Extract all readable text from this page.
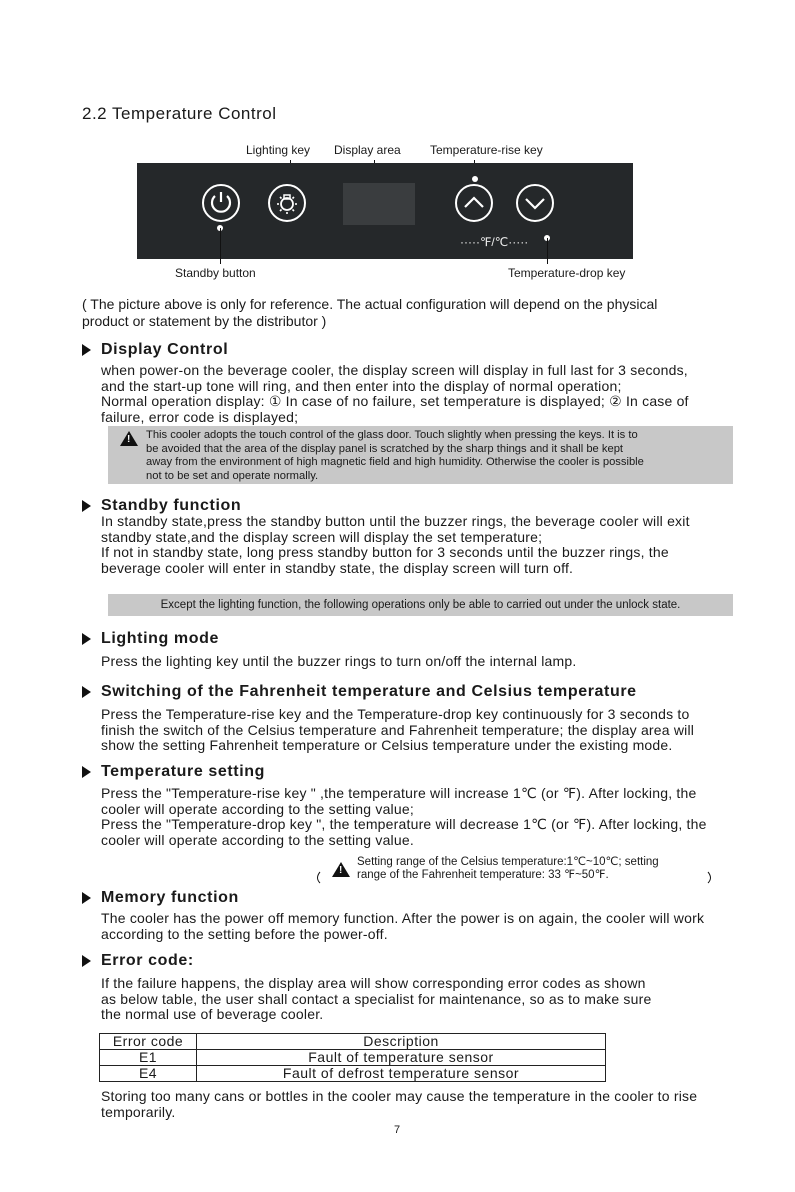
2.2 Temperature Control
Lighting key Display area Temperature-rise key
·····℉/℃·····
Standby button	Temperature-drop key
( The picture above is only for reference. The actual configuration will depend on the physical
product or statement by the distributor )
Display Control
when power-on the beverage cooler, the display screen will display in full last for 3 seconds,
and the start-up tone will ring, and then enter into the display of normal operation;
Normal operation display: ① In case of no failure, set temperature is displayed; ② In case of
failure, error code is displayed;
! This cooler adopts the touch control of the glass door. Touch slightly when pressing the keys. It is to
be avoided that the area of the display panel is scratched by the sharp things and it shall be kept
away from the environment of high magnetic field and high humidity. Otherwise the cooler is possible
not to be set and operate normally.
Standby function
In standby state,press the standby button until the buzzer rings, the beverage cooler will exit
standby state,and the display screen will display the set temperature;
If not in standby state, long press standby button for 3 seconds until the buzzer rings, the
beverage cooler will enter in standby state, the display screen will turn off.
Except the lighting function, the following operations only be able to carried out under the unlock state.
Lighting mode
Press the lighting key until the buzzer rings to turn on/off the internal lamp.
Switching of the Fahrenheit temperature and Celsius temperature
Press the Temperature-rise key and the Temperature-drop key continuously for 3 seconds to
finish the switch of the Celsius temperature and Fahrenheit temperature; the display area will
show the setting Fahrenheit temperature or Celsius temperature under the existing mode.
Temperature setting
Press the "Temperature-rise key " ,the temperature will increase 1℃ (or ℉). After locking, the
cooler will operate according to the setting value;
Press the "Temperature-drop key ", the temperature will decrease 1℃ (or ℉). After locking, the
cooler will operate according to the setting value.
!
Setting range of the Celsius temperature:1℃~10℃; setting
range of the Fahrenheit temperature: 33 ℉~50℉.
Memory function
The cooler has the power off memory function. After the power is on again, the cooler will work
according to the setting before the power-off.
Error code:
If the failure happens, the display area will show corresponding error codes as shown
as below table, the user shall contact a specialist for maintenance, so as to make sure
the normal use of beverage cooler.
Error code	Description
E1	Fault of temperature sensor
E4	Fault of defrost temperature sensor
Storing too many cans or bottles in the cooler may cause the temperature in the cooler to rise
temporarily.
7
